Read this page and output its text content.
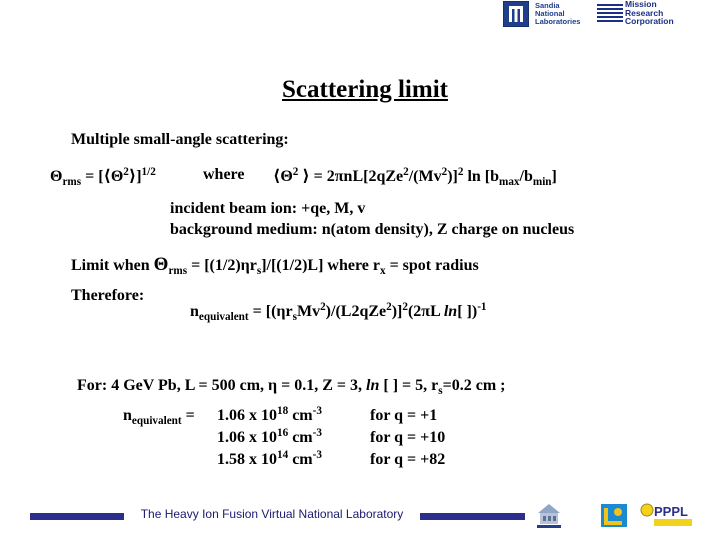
Sandia
National
Laboratories
Mission
Research
Corporation
Scattering limit
Multiple small-angle scattering:
$\Theta_{rms}$ = $[⟨\Theta^2⟩]^{1/2}$	where $⟨\Theta^2$ ⟩ = $2\pi nL[2qZe^2/(Mv^2)]^2$ $\ln [b_{max}/b_{min}]$
incident beam ion: +qe, M, v
background medium: n(atom density), Z charge on nucleus
Limit when $\Theta_{rms} = [(1/2)\eta r_s]/[(1/2)L]$ where $r_x$ = spot radius
Therefore:
$n_{equivalent} = [(\eta r_sMv^2)/(L2qZe^2)]^2(2\pi L$ ln[ ])$^{-1}$
For: 4 GeV Pb, L = 500 cm, η = 0.1, Z = 3, ln [ ] = 5, $r_s=0.2$ cm ;
$n_{equivalent} = 1.06$ x $10^{18}$ $cm^{-3}$	for q = +1
1.06 x $10^{16}$ $cm^{-3}$	for q = +10
1.58 x $10^{14}$ $cm^{-3}$	for q = +82
The Heavy Ion Fusion Virtual National Laboratory	PPPL
